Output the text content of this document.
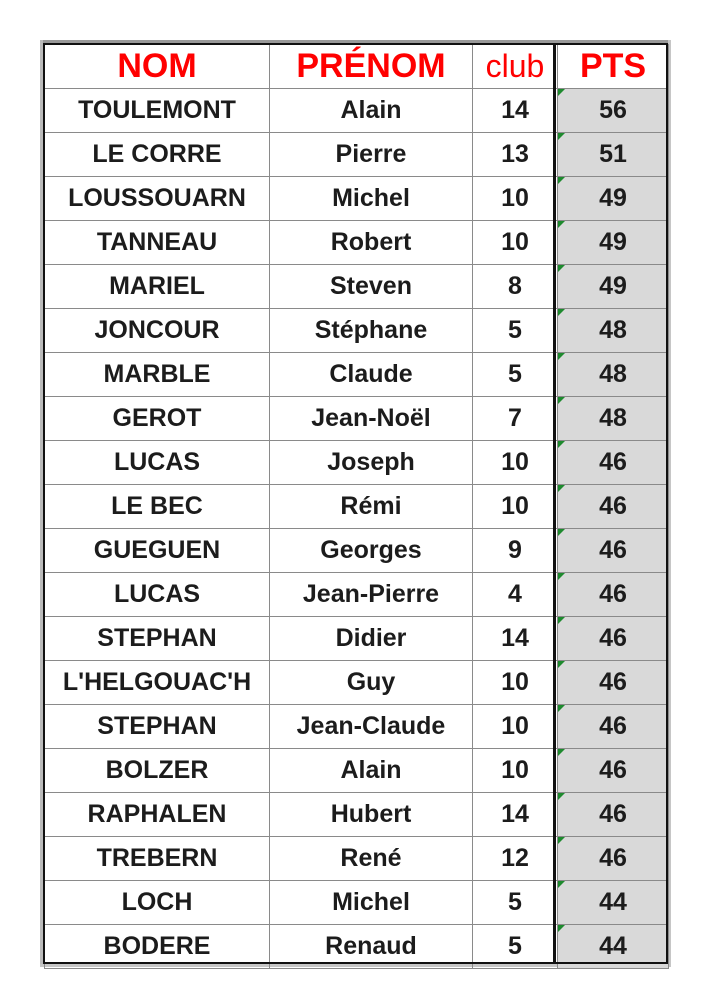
NOM	PRÉNOM	club	PTS
TOULEMONT	Alain	14	56
LE CORRE	Pierre	13	51
LOUSSOUARN	Michel	10	49
TANNEAU	Robert	10	49
MARIEL	Steven	8	49
JONCOUR	Stéphane	5	48
MARBLE	Claude	5	48
GEROT	Jean-Noël	7	48
LUCAS	Joseph	10	46
LE BEC	Rémi	10	46
GUEGUEN	Georges	9	46
LUCAS	Jean-Pierre	4	46
STEPHAN	Didier	14	46
L'HELGOUAC'H	Guy	10	46
STEPHAN	Jean-Claude	10	46
BOLZER	Alain	10	46
RAPHALEN	Hubert	14	46
TREBERN	René	12	46
LOCH	Michel	5	44
BODERE	Renaud	5	44
